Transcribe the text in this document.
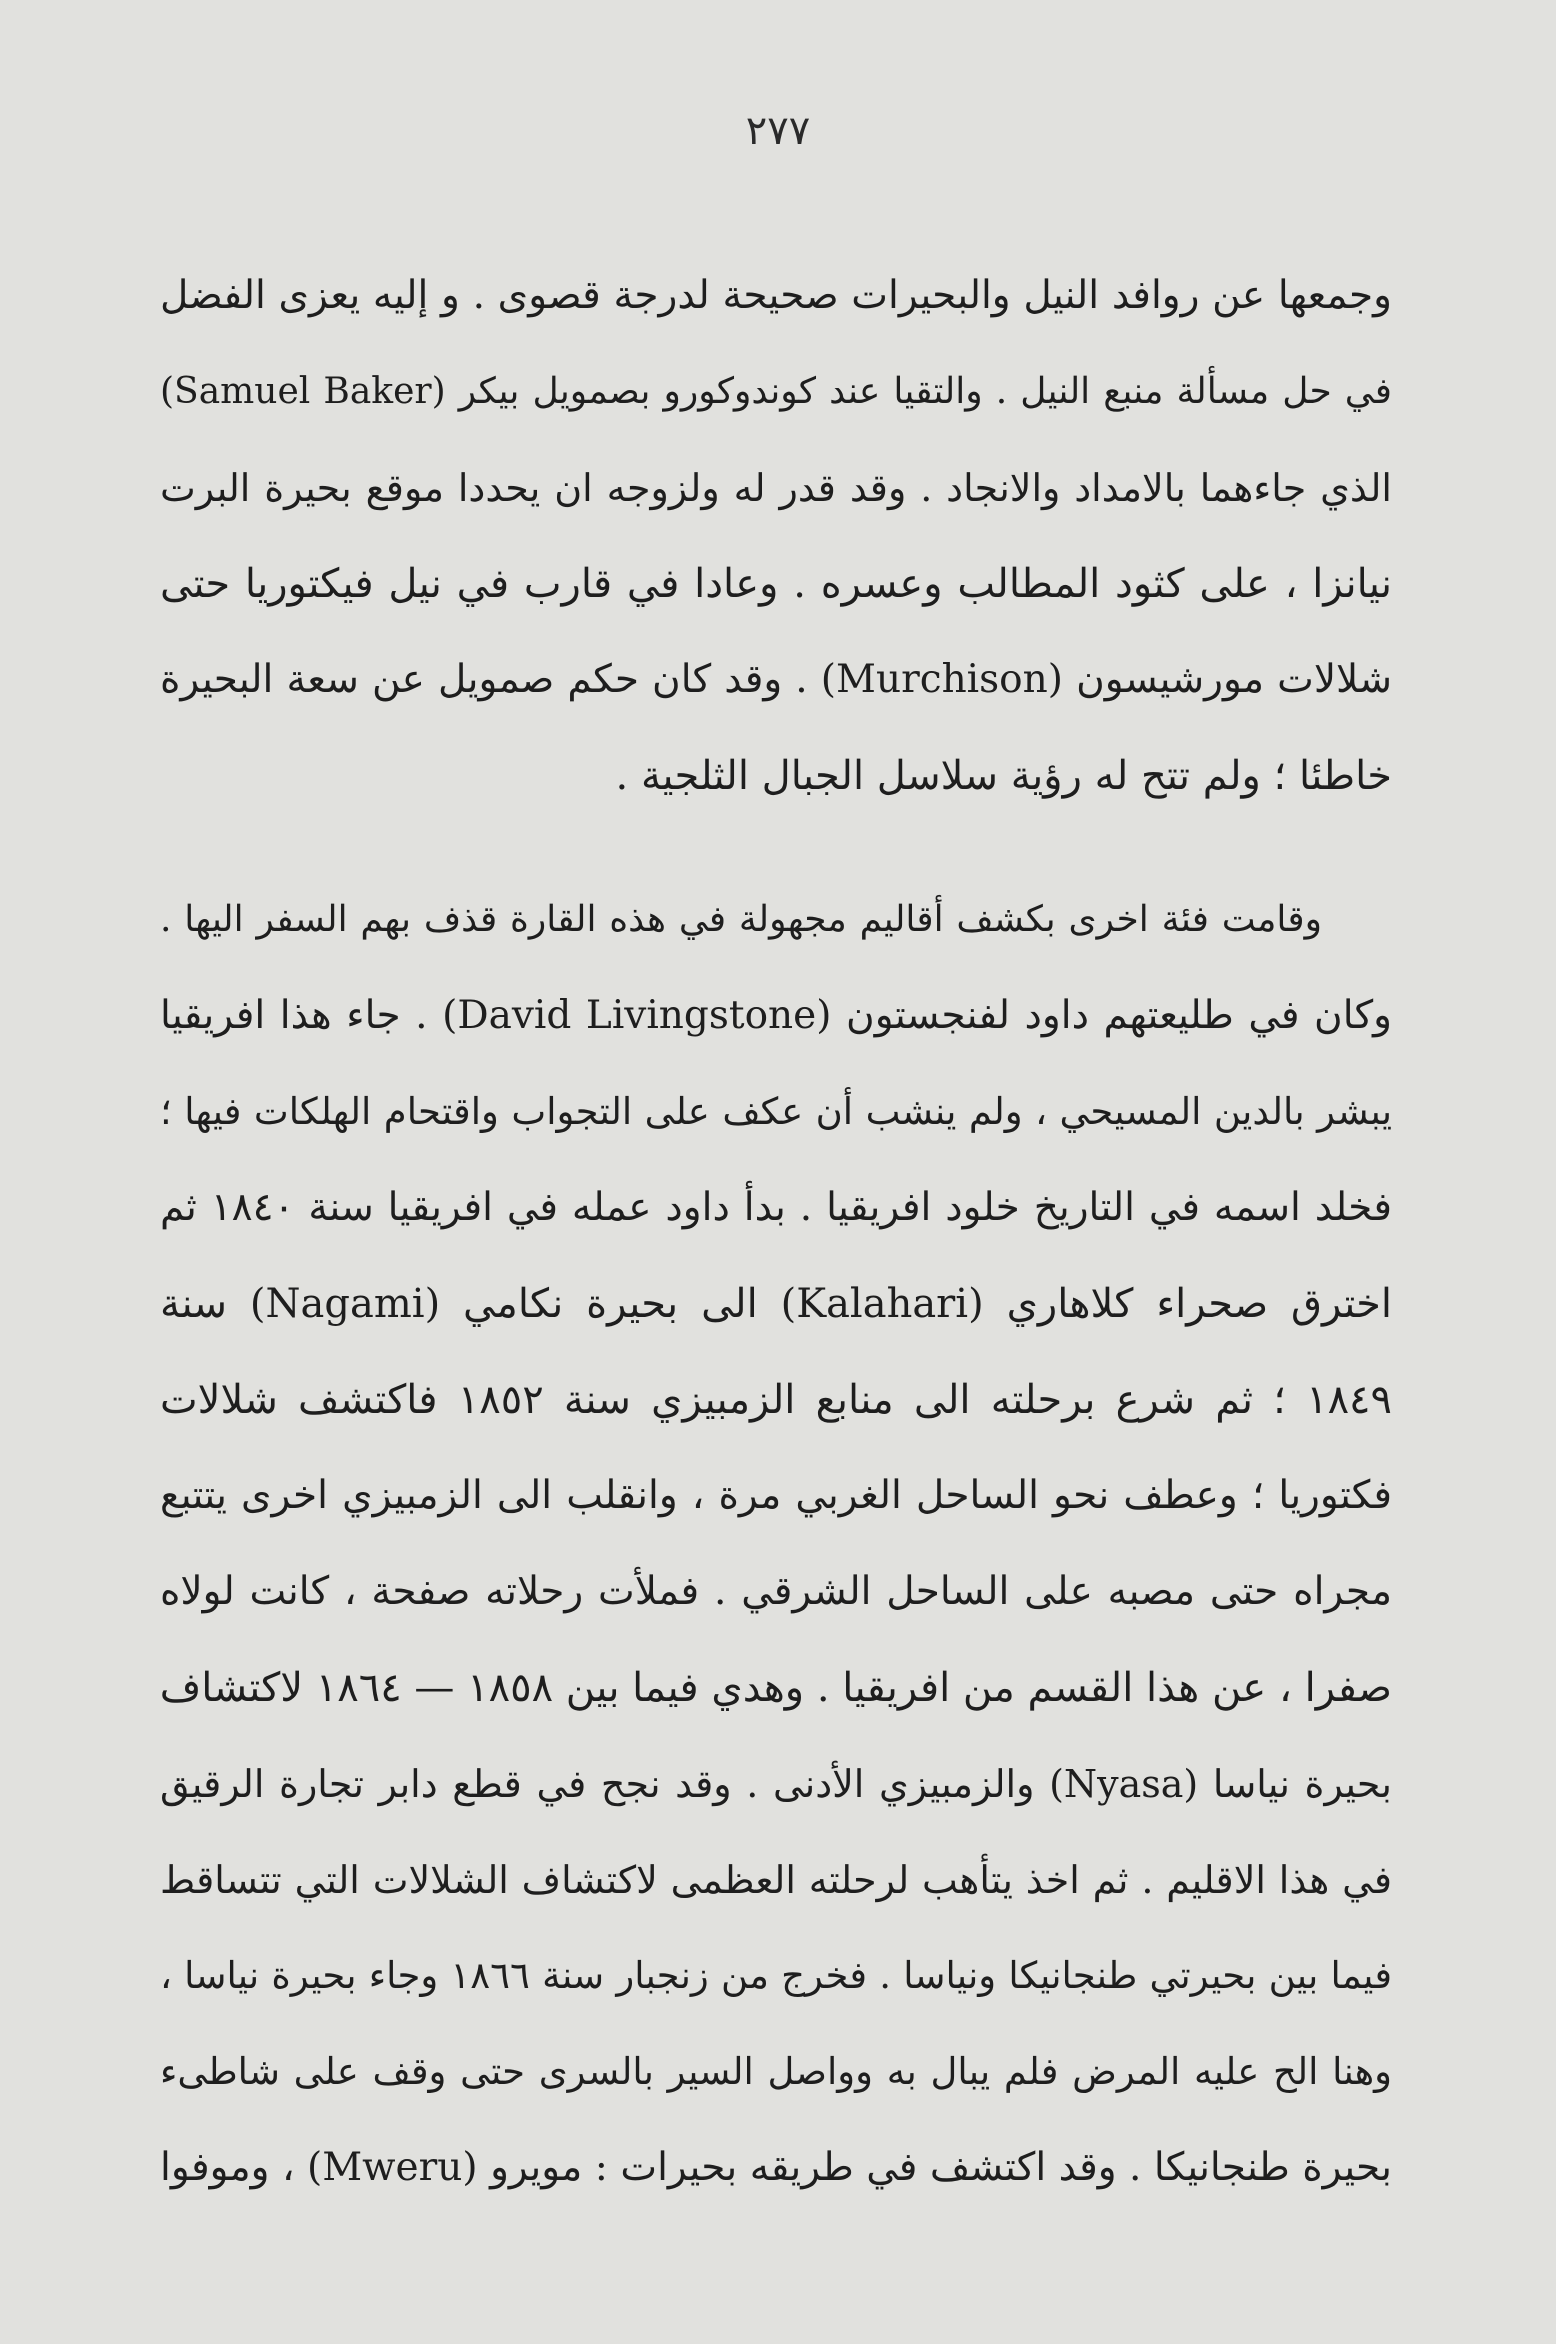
٢٧٧
وجمعها عن روافد النيل والبحيرات صحيحة لدرجة قصوى . و إليه يعزى الفضل
في حل مسألة منبع النيل . والتقيا عند كوندوكورو بصمويل بيكر (Samuel Baker)
الذي جاءهما بالامداد والانجاد . وقد قدر له ولزوجه ان يحددا موقع بحيرة البرت
نيانزا ، على كثود المطالب وعسره . وعادا في قارب في نيل فيكتوريا حتى
شلالات مورشيسون (Murchison) . وقد كان حكم صمويل عن سعة البحيرة
خاطئا ؛ ولم تتح له رؤية سلاسل الجبال الثلجية .
وقامت فئة اخرى بكشف أقاليم مجهولة في هذه القارة قذف بهم السفر اليها .
وكان في طليعتهم داود لفنجستون (David Livingstone) . جاء هذا افريقيا
يبشر بالدين المسيحي ، ولم ينشب أن عكف على التجواب واقتحام الهلكات فيها ؛
فخلد اسمه في التاريخ خلود افريقيا . بدأ داود عمله في افريقيا سنة ١٨٤٠ ثم
اخترق صحراء كلاهاري (Kalahari) الى بحيرة نكامي (Nagami) سنة
١٨٤٩ ؛ ثم شرع برحلته الى منابع الزمبيزي سنة ١٨٥٢ فاكتشف شلالات
فكتوريا ؛ وعطف نحو الساحل الغربي مرة ، وانقلب الى الزمبيزي اخرى يتتبع
مجراه حتى مصبه على الساحل الشرقي . فملأت رحلاته صفحة ، كانت لولاه
صفرا ، عن هذا القسم من افريقيا . وهدي فيما بين ١٨٥٨ — ١٨٦٤ لاكتشاف
بحيرة نياسا (Nyasa) والزمبيزي الأدنى . وقد نجح في قطع دابر تجارة الرقيق
في هذا الاقليم . ثم اخذ يتأهب لرحلته العظمى لاكتشاف الشلالات التي تتساقط
فيما بين بحيرتي طنجانيكا ونياسا . فخرج من زنجبار سنة ١٨٦٦ وجاء بحيرة نياسا ،
وهنا الح عليه المرض فلم يبال به وواصل السير بالسرى حتى وقف على شاطىء
بحيرة طنجانيكا . وقد اكتشف في طريقه بحيرات : مويرو (Mweru) ، وموفوا
